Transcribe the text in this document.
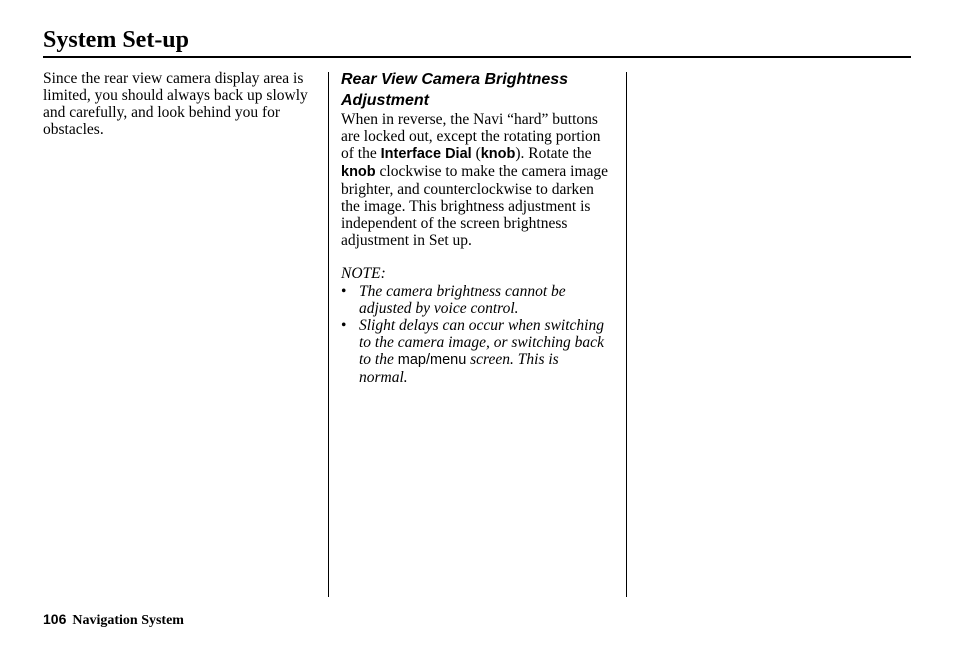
System Set-up

Since the rear view camera display area is limited, you should always back up slowly and carefully, and look behind you for obstacles.

Rear View Camera Brightness Adjustment

When in reverse, the Navi “hard” buttons are locked out, except the rotating portion of the Interface Dial (knob). Rotate the knob clockwise to make the camera image brighter, and counterclockwise to darken the image. This brightness adjustment is independent of the screen brightness adjustment in Set up.

NOTE:

• The camera brightness cannot be adjusted by voice control.
• Slight delays can occur when switching to the camera image, or switching back to the map/menu screen. This is normal.
106 Navigation System
